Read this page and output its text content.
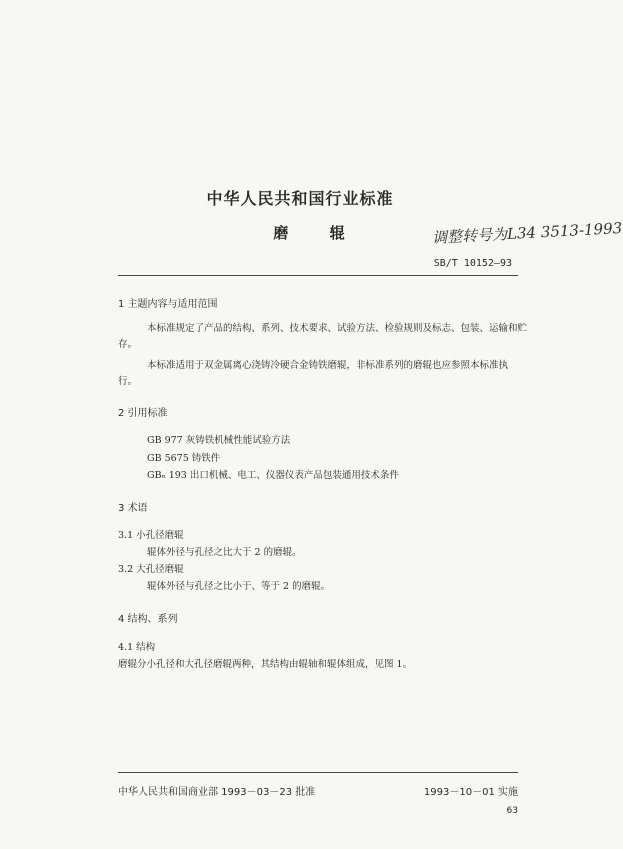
中华人民共和国行业标准
磨 辊	调整转号为L34 3513-1993
SB/T 10152—93
1 主题内容与适用范围
本标准规定了产品的结构、系列、技术要求、试验方法、检验规则及标志、包装、运输和贮
存。
本标准适用于双金属离心浇铸冷硬合金铸铁磨辊，非标准系列的磨辊也应参照本标准执
行。
2 引用标准
GB 977 灰铸铁机械性能试验方法
GB 5675 铸铁件
GBₙ 193 出口机械、电工、仪器仪表产品包装通用技术条件
3 术语
3.1 小孔径磨辊
辊体外径与孔径之比大于 2 的磨辊。
3.2 大孔径磨辊
辊体外径与孔径之比小于、等于 2 的磨辊。
4 结构、系列
4.1 结构
磨辊分小孔径和大孔径磨辊两种，其结构由辊轴和辊体组成，见图 1。
中华人民共和国商业部 1993－03－23 批准	1993－10－01 实施
63
